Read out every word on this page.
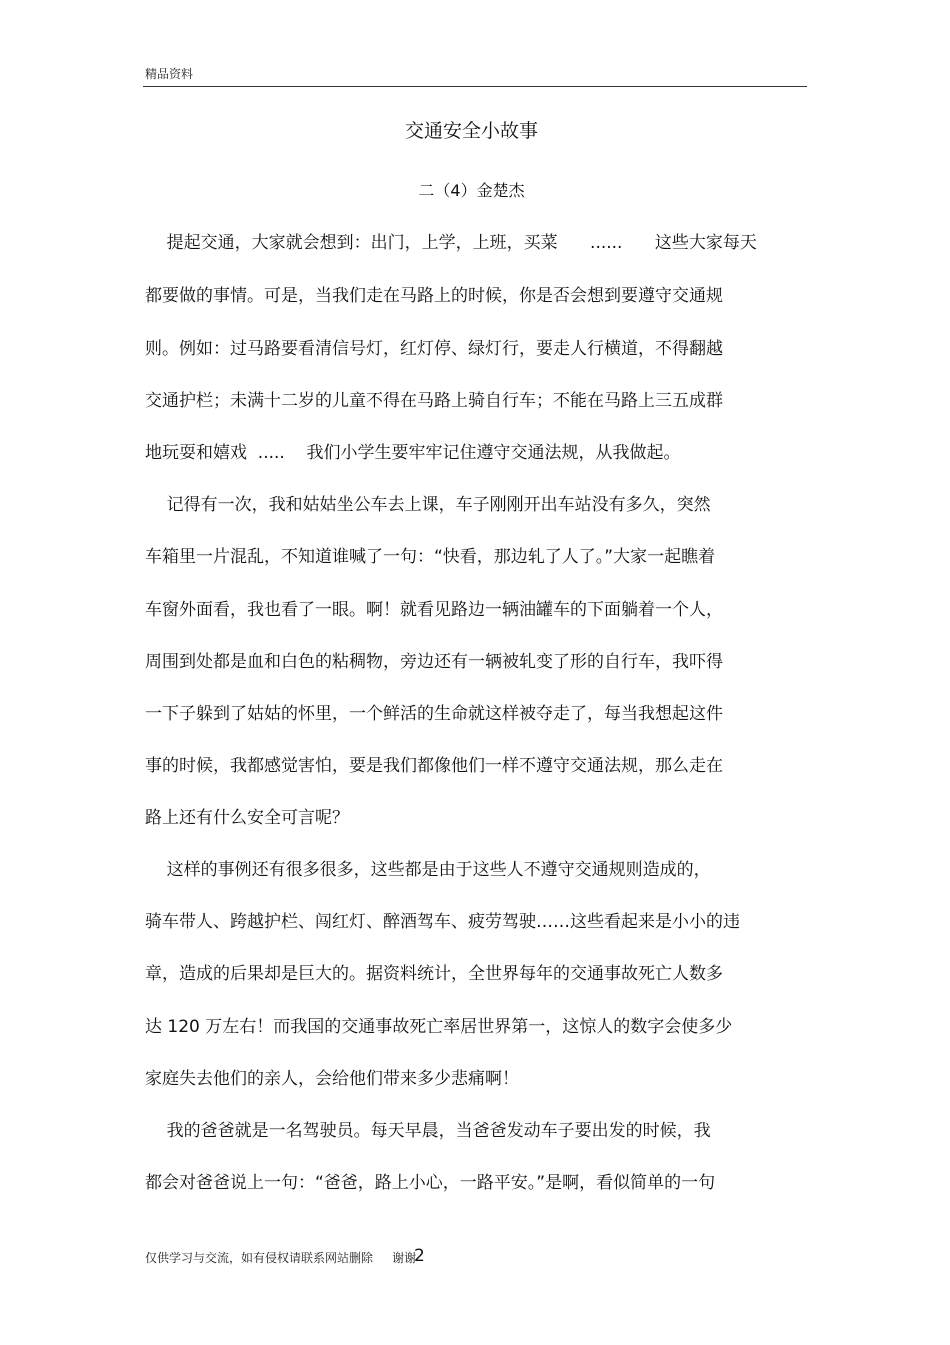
精品资料
交通安全小故事
二（4）金楚杰
提起交通，大家就会想到：出门，上学，上班，买菜      ......      这些大家每天
都要做的事情。可是，当我们走在马路上的时候，你是否会想到要遵守交通规
则。例如：过马路要看清信号灯，红灯停、绿灯行，要走人行横道，不得翻越
交通护栏；未满十二岁的儿童不得在马路上骑自行车；不能在马路上三五成群
地玩耍和嬉戏  .....    我们小学生要牢牢记住遵守交通法规，从我做起。
记得有一次，我和姑姑坐公车去上课，车子刚刚开出车站没有多久，突然
车箱里一片混乱，不知道谁喊了一句：“快看，那边轧了人了。”大家一起瞧着
车窗外面看，我也看了一眼。啊！就看见路边一辆油罐车的下面躺着一个人，
周围到处都是血和白色的粘稠物，旁边还有一辆被轧变了形的自行车，我吓得
一下子躲到了姑姑的怀里，一个鲜活的生命就这样被夺走了，每当我想起这件
事的时候，我都感觉害怕，要是我们都像他们一样不遵守交通法规，那么走在
路上还有什么安全可言呢？
这样的事例还有很多很多，这些都是由于这些人不遵守交通规则造成的，
骑车带人、跨越护栏、闯红灯、醉酒驾车、疲劳驾驶……这些看起来是小小的违
章，造成的后果却是巨大的。据资料统计，全世界每年的交通事故死亡人数多
达 120 万左右！而我国的交通事故死亡率居世界第一，这惊人的数字会使多少
家庭失去他们的亲人，会给他们带来多少悲痛啊！
我的爸爸就是一名驾驶员。每天早晨，当爸爸发动车子要出发的时候，我
都会对爸爸说上一句：“爸爸，路上小心，一路平安。”是啊，看似简单的一句
仅供学习与交流，如有侵权请联系网站删除     谢谢
2
